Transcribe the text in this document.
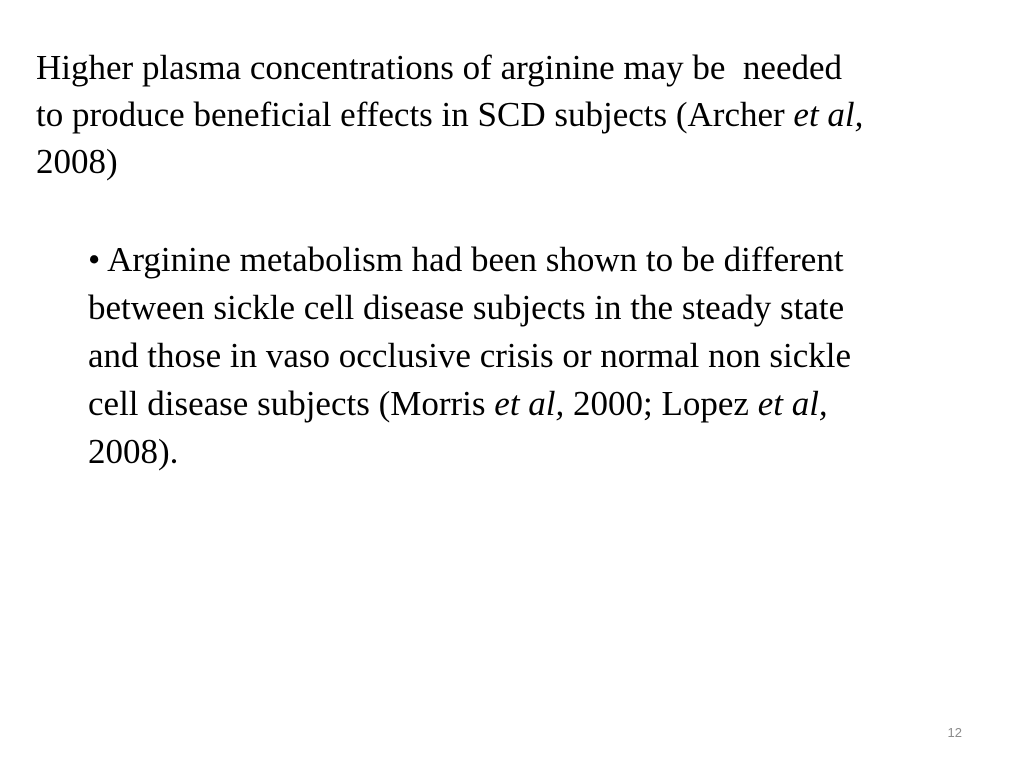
Higher plasma concentrations of arginine may be  needed
to produce beneficial effects in SCD subjects (Archer et al,
2008)

• Arginine metabolism had been shown to be different
between sickle cell disease subjects in the steady state
and those in vaso occlusive crisis or normal non sickle
cell disease subjects (Morris et al, 2000; Lopez et al,
2008).

12
